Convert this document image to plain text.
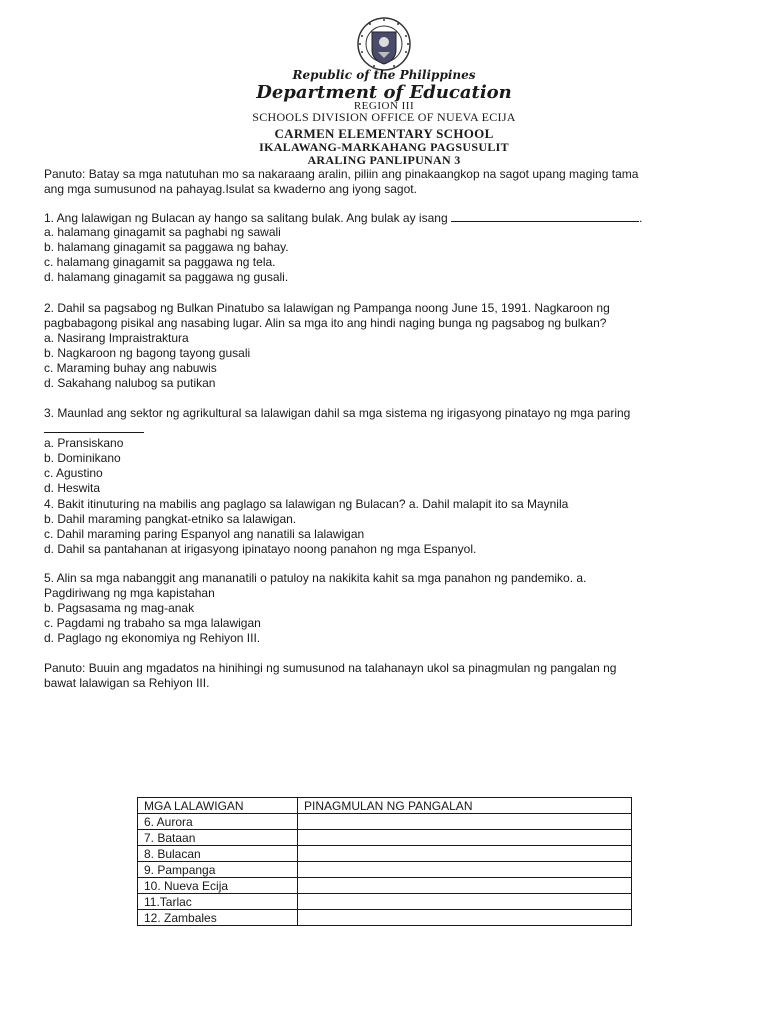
Republic of the Philippines
Department of Education
REGION III
SCHOOLS DIVISION OFFICE OF NUEVA ECIJA
CARMEN ELEMENTARY SCHOOL
IKALAWANG-MARKAHANG PAGSUSULIT
ARALING PANLIPUNAN 3
Panuto: Batay sa mga natutuhan mo sa nakaraang aralin, piliin ang pinakaangkop na sagot upang maging tama
ang mga sumusunod na pahayag.Isulat sa kwaderno ang iyong sagot.
1. Ang lalawigan ng Bulacan ay hango sa salitang bulak. Ang bulak ay isang	.
a. halamang ginagamit sa paghabi ng sawali
b. halamang ginagamit sa paggawa ng bahay.
c. halamang ginagamit sa paggawa ng tela.
d. halamang ginagamit sa paggawa ng gusali.
2. Dahil sa pagsabog ng Bulkan Pinatubo sa lalawigan ng Pampanga noong June 15, 1991. Nagkaroon ng
pagbabagong pisikal ang nasabing lugar. Alin sa mga ito ang hindi naging bunga ng pagsabog ng bulkan?
a. Nasirang Impraistraktura
b. Nagkaroon ng bagong tayong gusali
c. Maraming buhay ang nabuwis
d. Sakahang nalubog sa putikan
3. Maunlad ang sektor ng agrikultural sa lalawigan dahil sa mga sistema ng irigasyong pinatayo ng mga paring
a. Pransiskano
b. Dominikano
c. Agustino
d. Heswita
4. Bakit itinuturing na mabilis ang paglago sa lalawigan ng Bulacan? a. Dahil malapit ito sa Maynila
b. Dahil maraming pangkat-etniko sa lalawigan.
c. Dahil maraming paring Espanyol ang nanatili sa lalawigan
d. Dahil sa pantahanan at irigasyong ipinatayo noong panahon ng mga Espanyol.
5. Alin sa mga nabanggit ang mananatili o patuloy na nakikita kahit sa mga panahon ng pandemiko. a.
Pagdiriwang ng mga kapistahan
b. Pagsasama ng mag-anak
c. Pagdami ng trabaho sa mga lalawigan
d. Paglago ng ekonomiya ng Rehiyon III.
Panuto: Buuin ang mgadatos na hinihingi ng sumusunod na talahanayn ukol sa pinagmulan ng pangalan ng
bawat lalawigan sa Rehiyon III.
MGA LALAWIGAN	PINAGMULAN NG PANGALAN
6. Aurora	
7. Bataan	
8. Bulacan	
9. Pampanga	
10. Nueva Ecija	
11.Tarlac	
12. Zambales	
